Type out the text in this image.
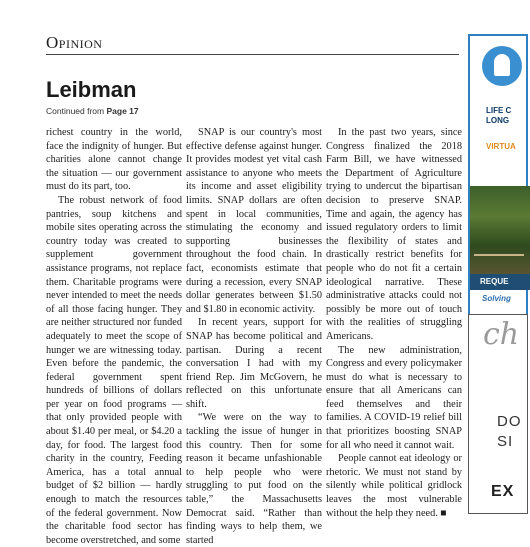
Opinion
Leibman
Continued from Page 17

richest country in the world, face the indignity of hunger. But charities alone cannot change the situation — our government must do its part, too.

The robust network of food pantries, soup kitchens and mobile sites operating across the country today was created to supplement government assistance programs, not replace them. Charitable programs were never intended to meet the needs of all those facing hunger. They are neither structured nor funded adequately to meet the scope of hunger we are witnessing today. Even before the pandemic, the federal government spent hundreds of billions of dollars per year on food programs — that only provided people with about $1.40 per meal, or $4.20 a day, for food. The largest food charity in the country, Feeding America, has a total annual budget of $2 billion — hardly enough to match the resources of the federal government. Now the charitable food sector has become overstretched, and some

SNAP is our country's most effective defense against hunger. It provides modest yet vital cash assistance to anyone who meets its income and asset eligibility limits. SNAP dollars are often spent in local communities, stimulating the economy and supporting businesses throughout the food chain. In fact, economists estimate that during a recession, every SNAP dollar generates between $1.50 and $1.80 in economic activity.

In recent years, support for SNAP has become political and partisan. During a recent conversation I had with my friend Rep. Jim McGovern, he reflected on this unfortunate shift.

“We were on the way to tackling the issue of hunger in this country. Then for some reason it became unfashionable to help people who were struggling to put food on the table,” the Massachusetts Democrat said. “Rather than finding ways to help them, we started

In the past two years, since Congress finalized the 2018 Farm Bill, we have witnessed the Department of Agriculture trying to undercut the bipartisan decision to preserve SNAP. Time and again, the agency has issued regulatory orders to limit the flexibility of states and drastically restrict benefits for people who do not fit a certain ideological narrative. These administrative attacks could not possibly be more out of touch with the realities of struggling Americans.

The new administration, Congress and every policymaker must do what is necessary to ensure that all Americans can feed themselves and their families. A COVID-19 relief bill that prioritizes boosting SNAP for all who need it cannot wait.

People cannot eat ideology or rhetoric. We must not stand by silently while political gridlock leaves the most vulnerable without the help they need. ■

LIFE C
LONG
VIRTUA
REQUE
Solving
ch
DO
SI
EX
